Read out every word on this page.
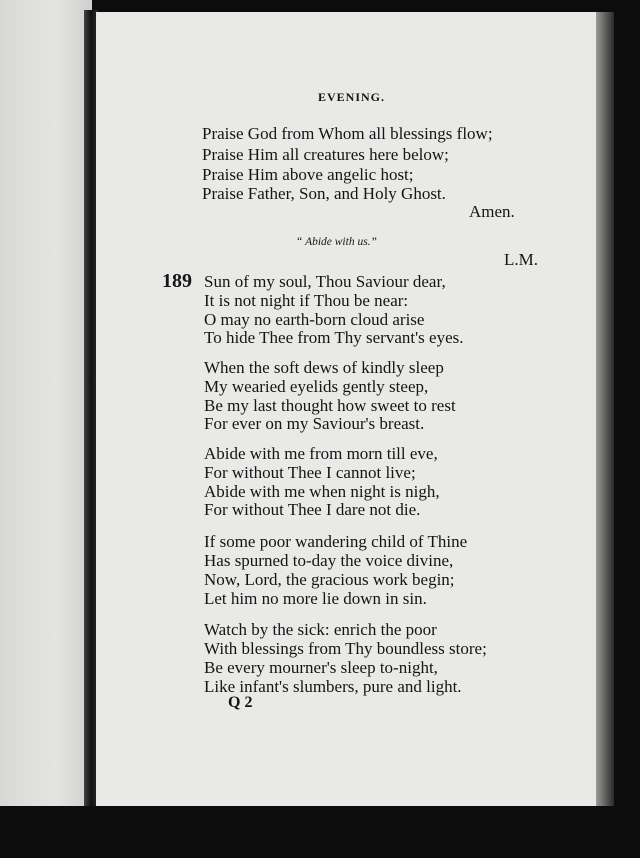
EVENING.
Praise God from Whom all blessings flow;
Praise Him all creatures here below;
Praise Him above angelic host;
Praise Father, Son, and Holy Ghost.
Amen.
“ Abide with us.”
L.M.
189 Sun of my soul, Thou Saviour dear,
It is not night if Thou be near:
O may no earth-born cloud arise
To hide Thee from Thy servant's eyes.
When the soft dews of kindly sleep
My wearied eyelids gently steep,
Be my last thought how sweet to rest
For ever on my Saviour's breast.
Abide with me from morn till eve,
For without Thee I cannot live;
Abide with me when night is nigh,
For without Thee I dare not die.
If some poor wandering child of Thine
Has spurned to-day the voice divine,
Now, Lord, the gracious work begin;
Let him no more lie down in sin.
Watch by the sick: enrich the poor
With blessings from Thy boundless store;
Be every mourner's sleep to-night,
Like infant's slumbers, pure and light.
Q 2
